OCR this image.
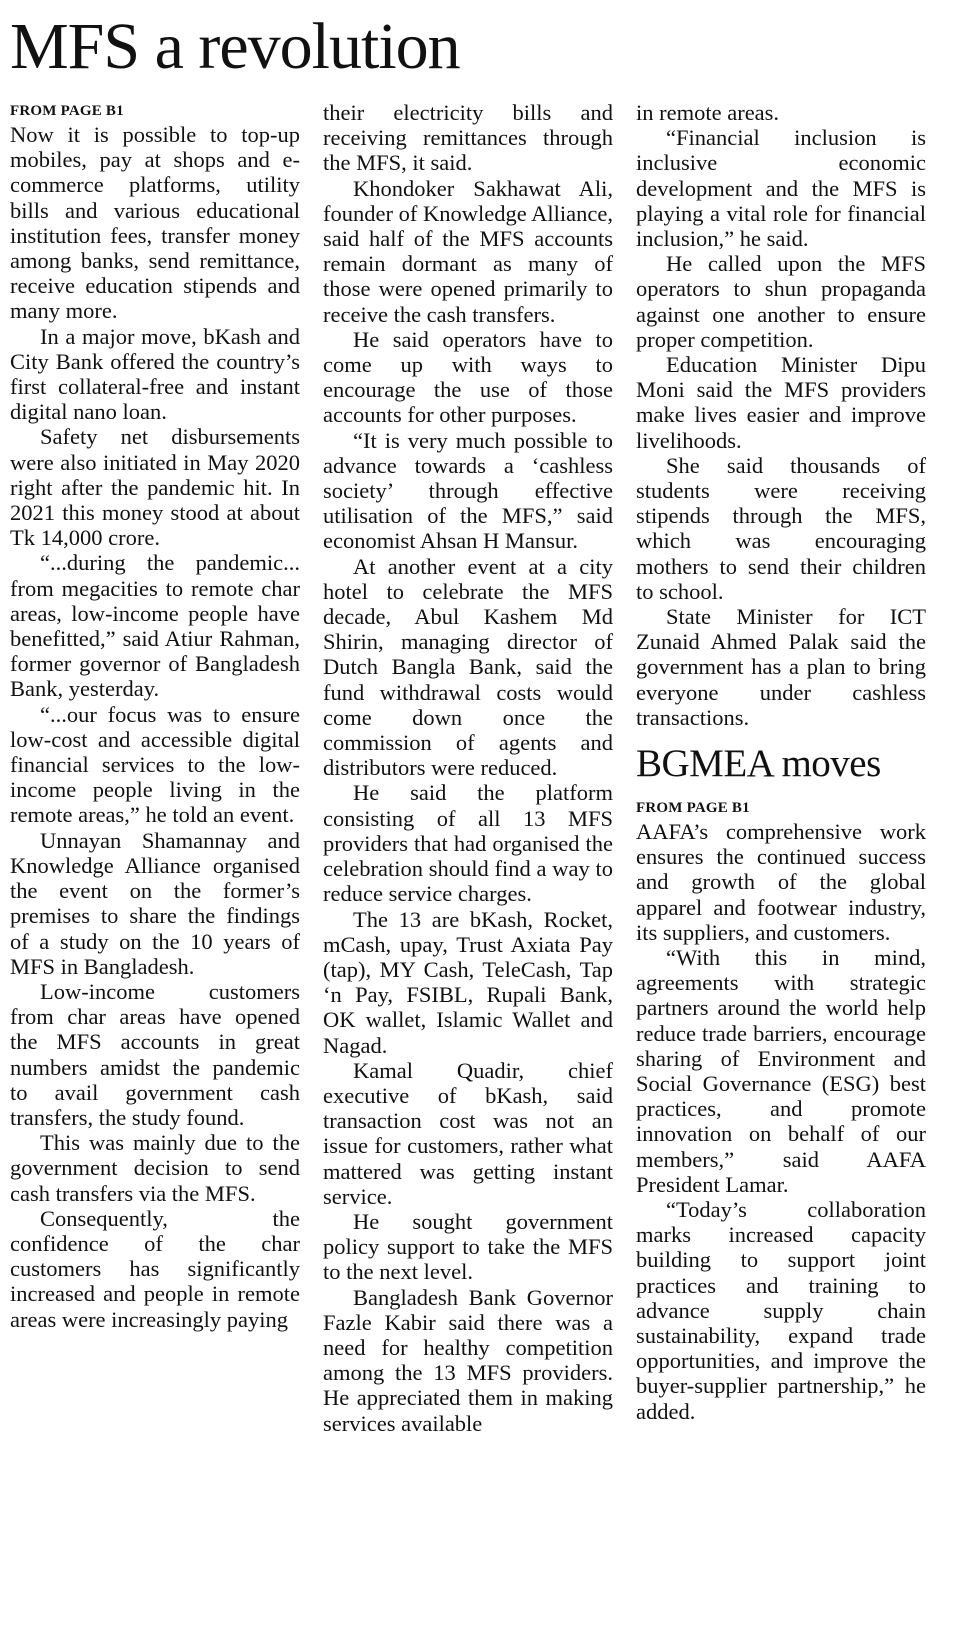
MFS a revolution
FROM PAGE B1

Now it is possible to top-up mobiles, pay at shops and e-commerce platforms, utility bills and various educational institution fees, transfer money among banks, send remittance, receive education stipends and many more.

In a major move, bKash and City Bank offered the country’s first collateral-free and instant digital nano loan.

Safety net disbursements were also initiated in May 2020 right after the pandemic hit. In 2021 this money stood at about Tk 14,000 crore.

“...during the pandemic... from megacities to remote char areas, low-income people have benefitted,” said Atiur Rahman, former governor of Bangladesh Bank, yesterday.

“...our focus was to ensure low-cost and accessible digital financial services to the low-income people living in the remote areas,” he told an event.

Unnayan Shamannay and Knowledge Alliance organised the event on the former’s premises to share the findings of a study on the 10 years of MFS in Bangladesh.

Low-income customers from char areas have opened the MFS accounts in great numbers amidst the pandemic to avail government cash transfers, the study found.

This was mainly due to the government decision to send cash transfers via the MFS.

Consequently, the confidence of the char customers has significantly increased and people in remote areas were increasingly paying

their electricity bills and receiving remittances through the MFS, it said.

Khondoker Sakhawat Ali, founder of Knowledge Alliance, said half of the MFS accounts remain dormant as many of those were opened primarily to receive the cash transfers.

He said operators have to come up with ways to encourage the use of those accounts for other purposes.

“It is very much possible to advance towards a ‘cashless society’ through effective utilisation of the MFS,” said economist Ahsan H Mansur.

At another event at a city hotel to celebrate the MFS decade, Abul Kashem Md Shirin, managing director of Dutch Bangla Bank, said the fund withdrawal costs would come down once the commission of agents and distributors were reduced.

He said the platform consisting of all 13 MFS providers that had organised the celebration should find a way to reduce service charges.

The 13 are bKash, Rocket, mCash, upay, Trust Axiata Pay (tap), MY Cash, TeleCash, Tap ‘n Pay, FSIBL, Rupali Bank, OK wallet, Islamic Wallet and Nagad.

Kamal Quadir, chief executive of bKash, said transaction cost was not an issue for customers, rather what mattered was getting instant service.

He sought government policy support to take the MFS to the next level.

Bangladesh Bank Governor Fazle Kabir said there was a need for healthy competition among the 13 MFS providers. He appreciated them in making services available

in remote areas.

“Financial inclusion is inclusive economic development and the MFS is playing a vital role for financial inclusion,” he said.

He called upon the MFS operators to shun propaganda against one another to ensure proper competition.

Education Minister Dipu Moni said the MFS providers make lives easier and improve livelihoods.

She said thousands of students were receiving stipends through the MFS, which was encouraging mothers to send their children to school.

State Minister for ICT Zunaid Ahmed Palak said the government has a plan to bring everyone under cashless transactions.

BGMEA moves
FROM PAGE B1

AAFA’s comprehensive work ensures the continued success and growth of the global apparel and footwear industry, its suppliers, and customers.

“With this in mind, agreements with strategic partners around the world help reduce trade barriers, encourage sharing of Environment and Social Governance (ESG) best practices, and promote innovation on behalf of our members,” said AAFA President Lamar.

“Today’s collaboration marks increased capacity building to support joint practices and training to advance supply chain sustainability, expand trade opportunities, and improve the buyer-supplier partnership,” he added.
